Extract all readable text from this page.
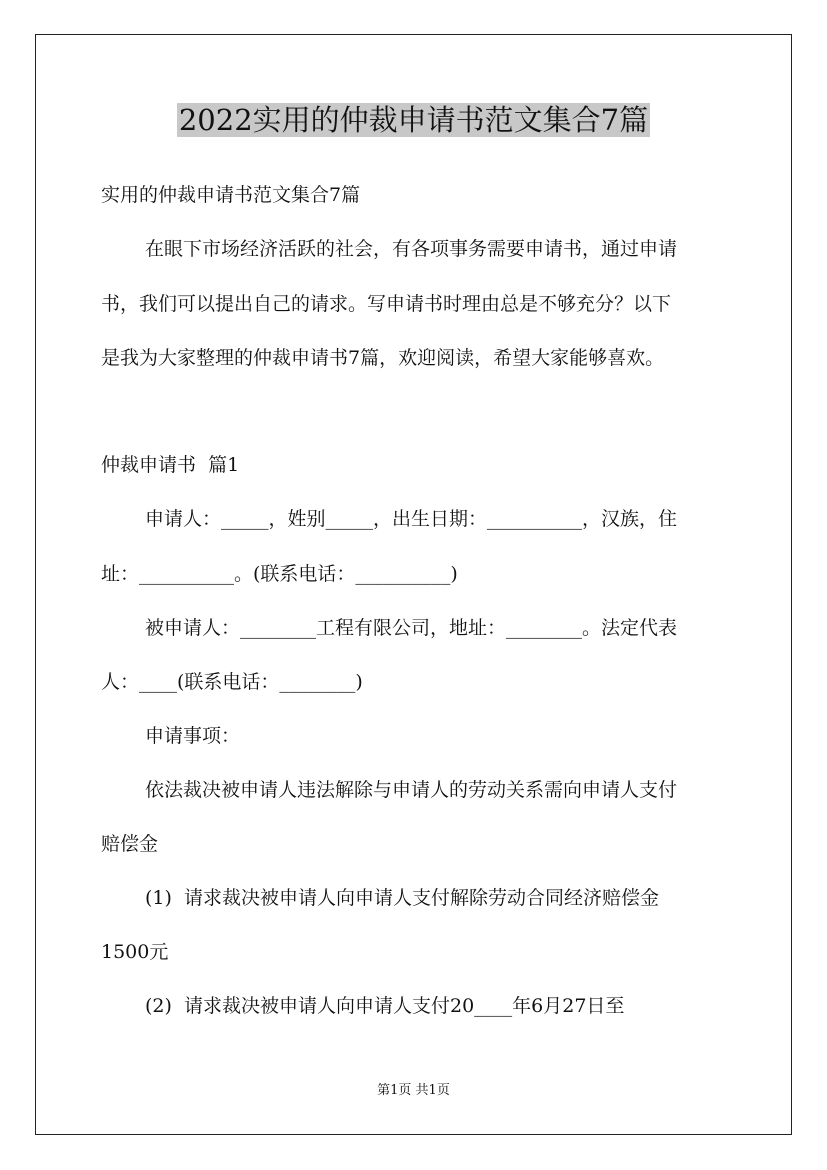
2022实用的仲裁申请书范文集合7篇

实用的仲裁申请书范文集合7篇

在眼下市场经济活跃的社会，有各项事务需要申请书，通过申请

书，我们可以提出自己的请求。写申请书时理由总是不够充分？以下

是我为大家整理的仲裁申请书7篇，欢迎阅读，希望大家能够喜欢。

仲裁申请书  篇1

申请人：_____，姓别_____，出生日期：__________，汉族，住

址：__________。(联系电话：__________)

被申请人：________工程有限公司，地址：________。法定代表

人：____(联系电话：________)

申请事项：

依法裁决被申请人违法解除与申请人的劳动关系需向申请人支付

赔偿金

(1)  请求裁决被申请人向申请人支付解除劳动合同经济赔偿金

1500元

(2)  请求裁决被申请人向申请人支付20____年6月27日至

第1页 共1页
